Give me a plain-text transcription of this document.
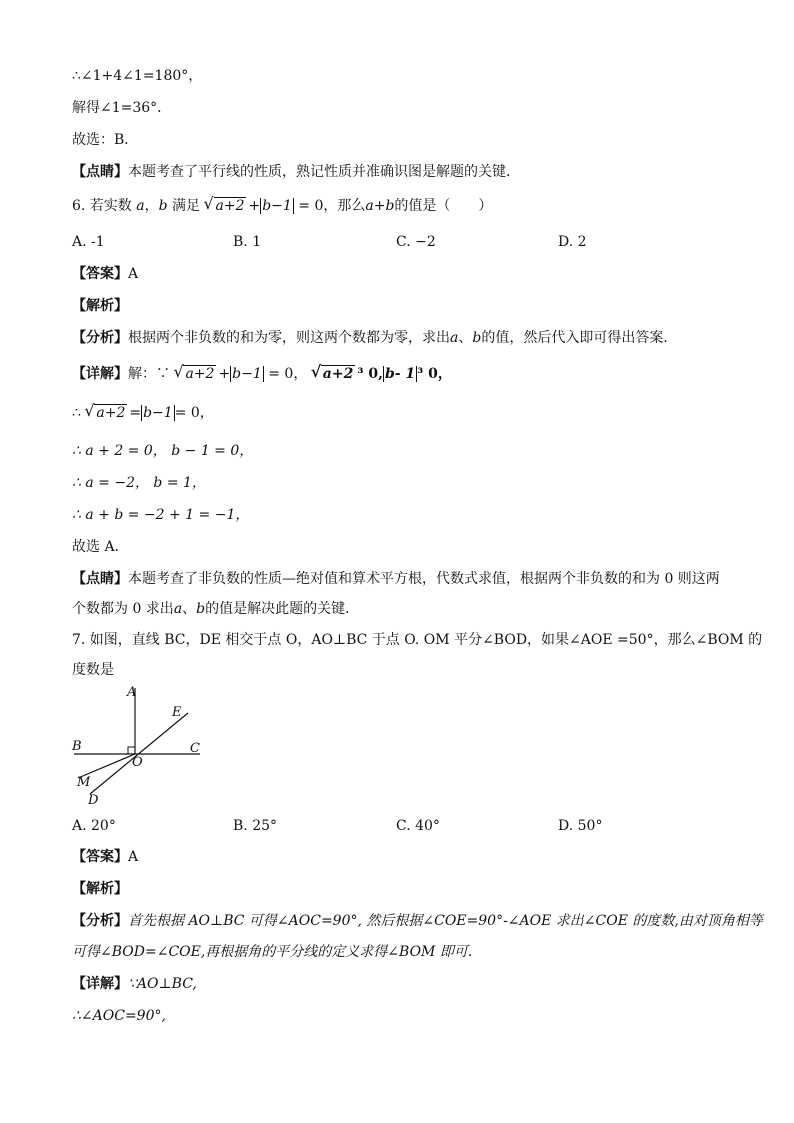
∴∠1+4∠1=180°，
解得∠1=36°．
故选：B．
【点睛】本题考查了平行线的性质，熟记性质并准确识图是解题的关键．
6. 若实数 a，b 满足 √ a+2 + b−1 = 0，那么a+b的值是（　　）
A. -1	B. 1	C. −2	D. 2
【答案】A
【解析】
【分析】根据两个非负数的和为零，则这两个数都为零，求出a、b的值，然后代入即可得出答案．
【详解】解：∵ √ a+2 + b−1 = 0， √ a+2 ³ 0, b- 1 ³ 0，
∴ √ a+2 = b−1 = 0，
∴ a + 2 = 0， b − 1 = 0，
∴ a = −2， b = 1，
∴ a + b = −2 + 1 = −1，
故选 A．
【点睛】本题考查了非负数的性质—绝对值和算术平方根，代数式求值，根据两个非负数的和为 0 则这两
个数都为 0 求出a、b的值是解决此题的关键．
7. 如图，直线 BC，DE 相交于点 O，AO⊥BC 于点 O. OM 平分∠BOD，如果∠AOE =50°，那么∠BOM 的
度数是
A
E
B	C
O
M
D
A. 20°	B. 25°	C. 40°	D. 50°
【答案】A
【解析】
【分析】首先根据 AO⊥BC 可得∠AOC=90°, 然后根据∠COE=90°-∠AOE 求出∠COE 的度数,由对顶角相等
可得∠BOD=∠COE,再根据角的平分线的定义求得∠BOM 即可.
【详解】∵AO⊥BC,
∴∠AOC=90°,
